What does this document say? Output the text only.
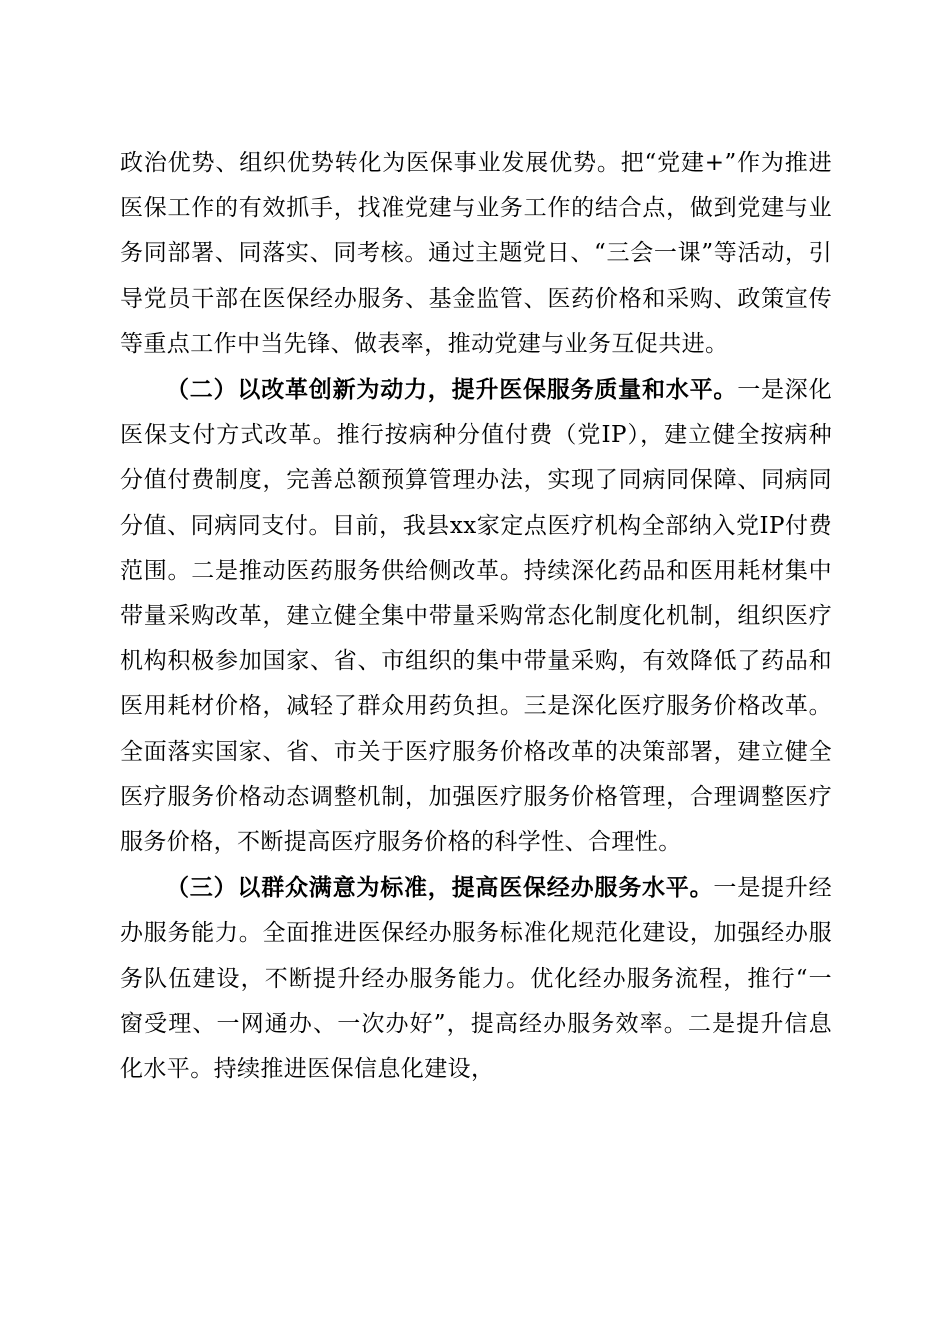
政治优势、组织优势转化为医保事业发展优势。把“党建+”作为推进医保工作的有效抓手，找准党建与业务工作的结合点，做到党建与业务同部署、同落实、同考核。通过主题党日、“三会一课”等活动，引导党员干部在医保经办服务、基金监管、医药价格和采购、政策宣传等重点工作中当先锋、做表率，推动党建与业务互促共进。

（二）以改革创新为动力，提升医保服务质量和水平。一是深化医保支付方式改革。推行按病种分值付费（党IP），建立健全按病种分值付费制度，完善总额预算管理办法，实现了同病同保障、同病同分值、同病同支付。目前，我县xx家定点医疗机构全部纳入党IP付费范围。二是推动医药服务供给侧改革。持续深化药品和医用耗材集中带量采购改革，建立健全集中带量采购常态化制度化机制，组织医疗机构积极参加国家、省、市组织的集中带量采购，有效降低了药品和医用耗材价格，减轻了群众用药负担。三是深化医疗服务价格改革。全面落实国家、省、市关于医疗服务价格改革的决策部署，建立健全医疗服务价格动态调整机制，加强医疗服务价格管理，合理调整医疗服务价格，不断提高医疗服务价格的科学性、合理性。

（三）以群众满意为标准，提高医保经办服务水平。一是提升经办服务能力。全面推进医保经办服务标准化规范化建设，加强经办服务队伍建设，不断提升经办服务能力。优化经办服务流程，推行“一窗受理、一网通办、一次办好”，提高经办服务效率。二是提升信息化水平。持续推进医保信息化建设，
